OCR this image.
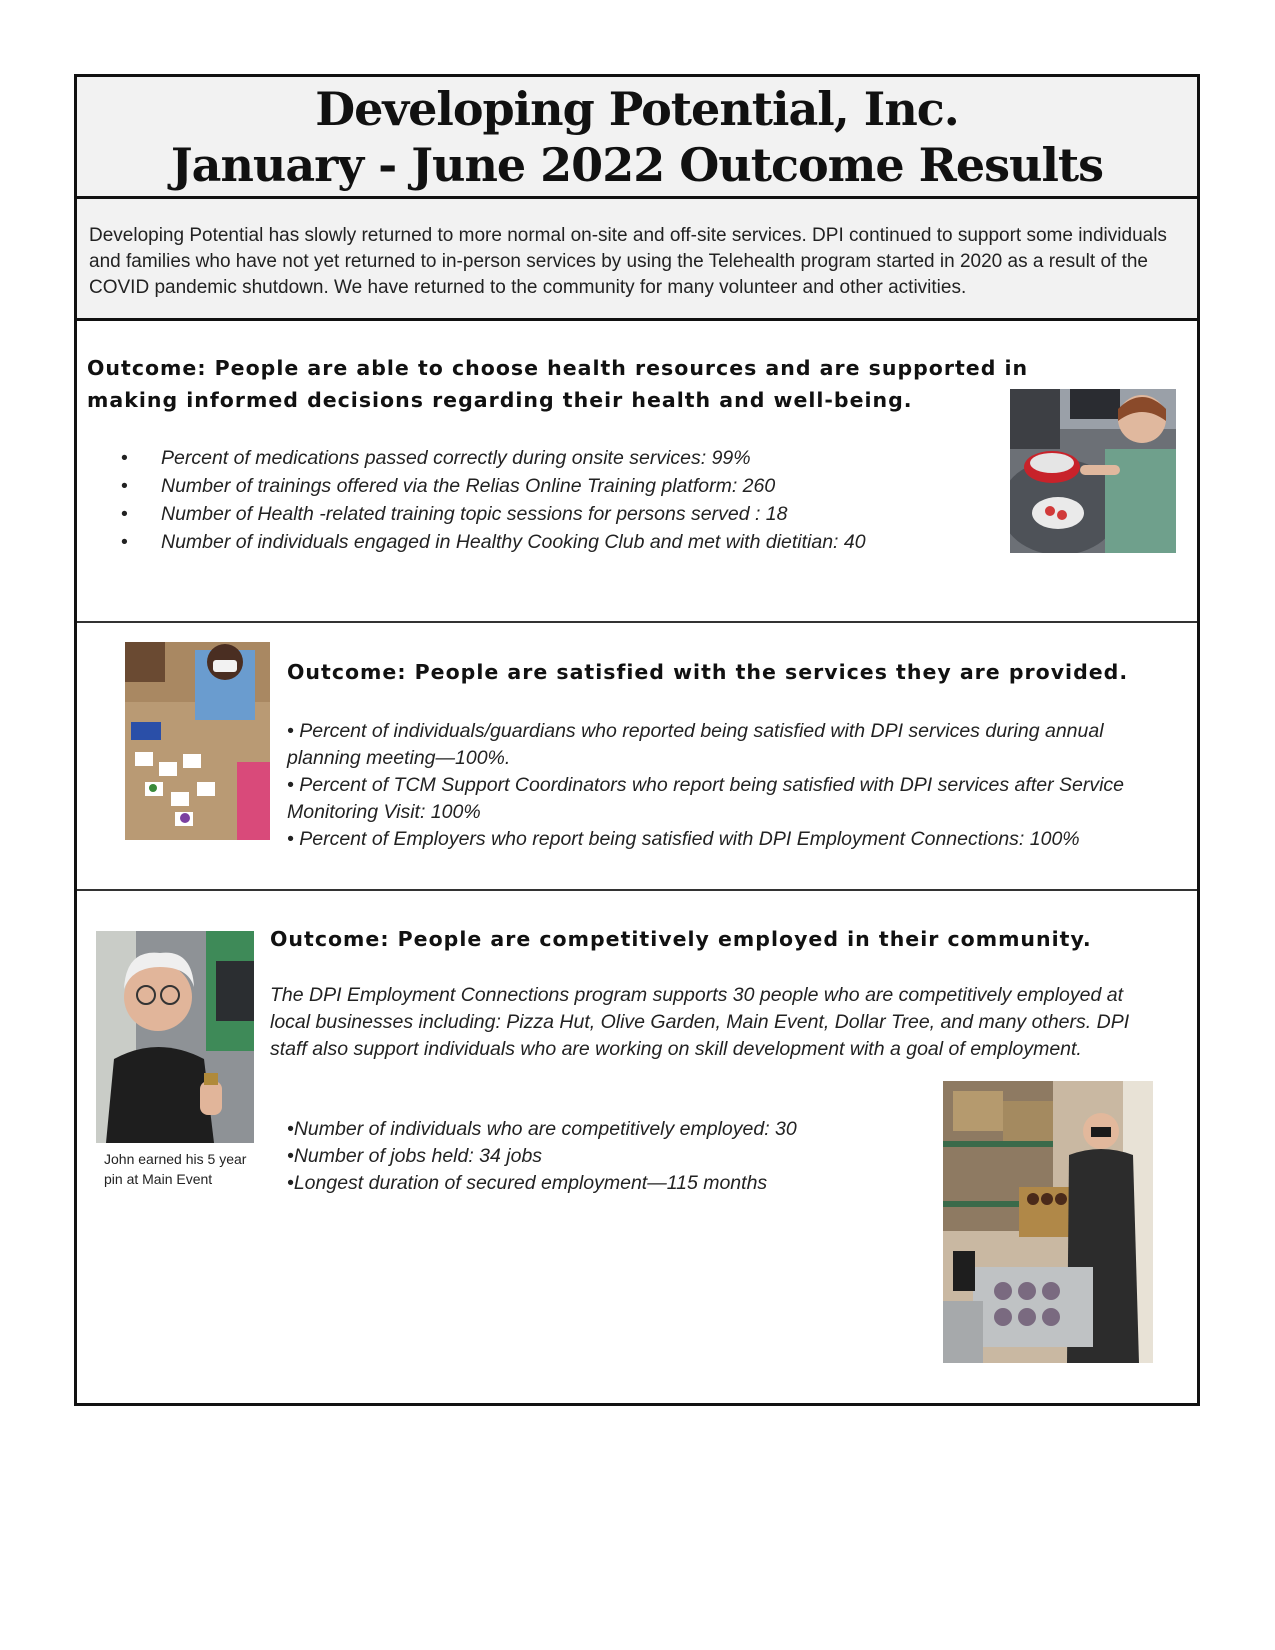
Developing Potential, Inc.
January - June 2022 Outcome Results
Developing Potential has slowly returned to more normal on-site and off-site services. DPI continued to support some individuals and families who have not yet returned to in-person services by using the Telehealth program started in 2020 as a result of the COVID pandemic shutdown. We have returned to the community for many volunteer and other activities.
Outcome: People are able to choose health resources and are supported in making informed decisions regarding their health and well-being.
• Percent of medications passed correctly during onsite services: 99%
• Number of trainings offered via the Relias Online Training platform: 260
• Number of Health -related training topic sessions for persons served : 18
• Number of individuals engaged in Healthy Cooking Club and met with dietitian: 40
Outcome: People are satisfied with the services they are provided.

• Percent of individuals/guardians who reported being satisfied with DPI services during annual planning meeting—100%.

• Percent of TCM Support Coordinators who report being satisfied with DPI services after Service Monitoring Visit: 100%

• Percent of Employers who report being satisfied with DPI Employment Connections: 100%

John earned his 5 year pin at Main Event
Outcome: People are competitively employed in their community.
The DPI Employment Connections program supports 30 people who are competitively employed at local businesses including: Pizza Hut, Olive Garden, Main Event, Dollar Tree, and many others. DPI staff also support individuals who are working on skill development with a goal of employment.

•Number of individuals who are competitively employed: 30

•Number of jobs held: 34 jobs

•Longest duration of secured employment—115 months
